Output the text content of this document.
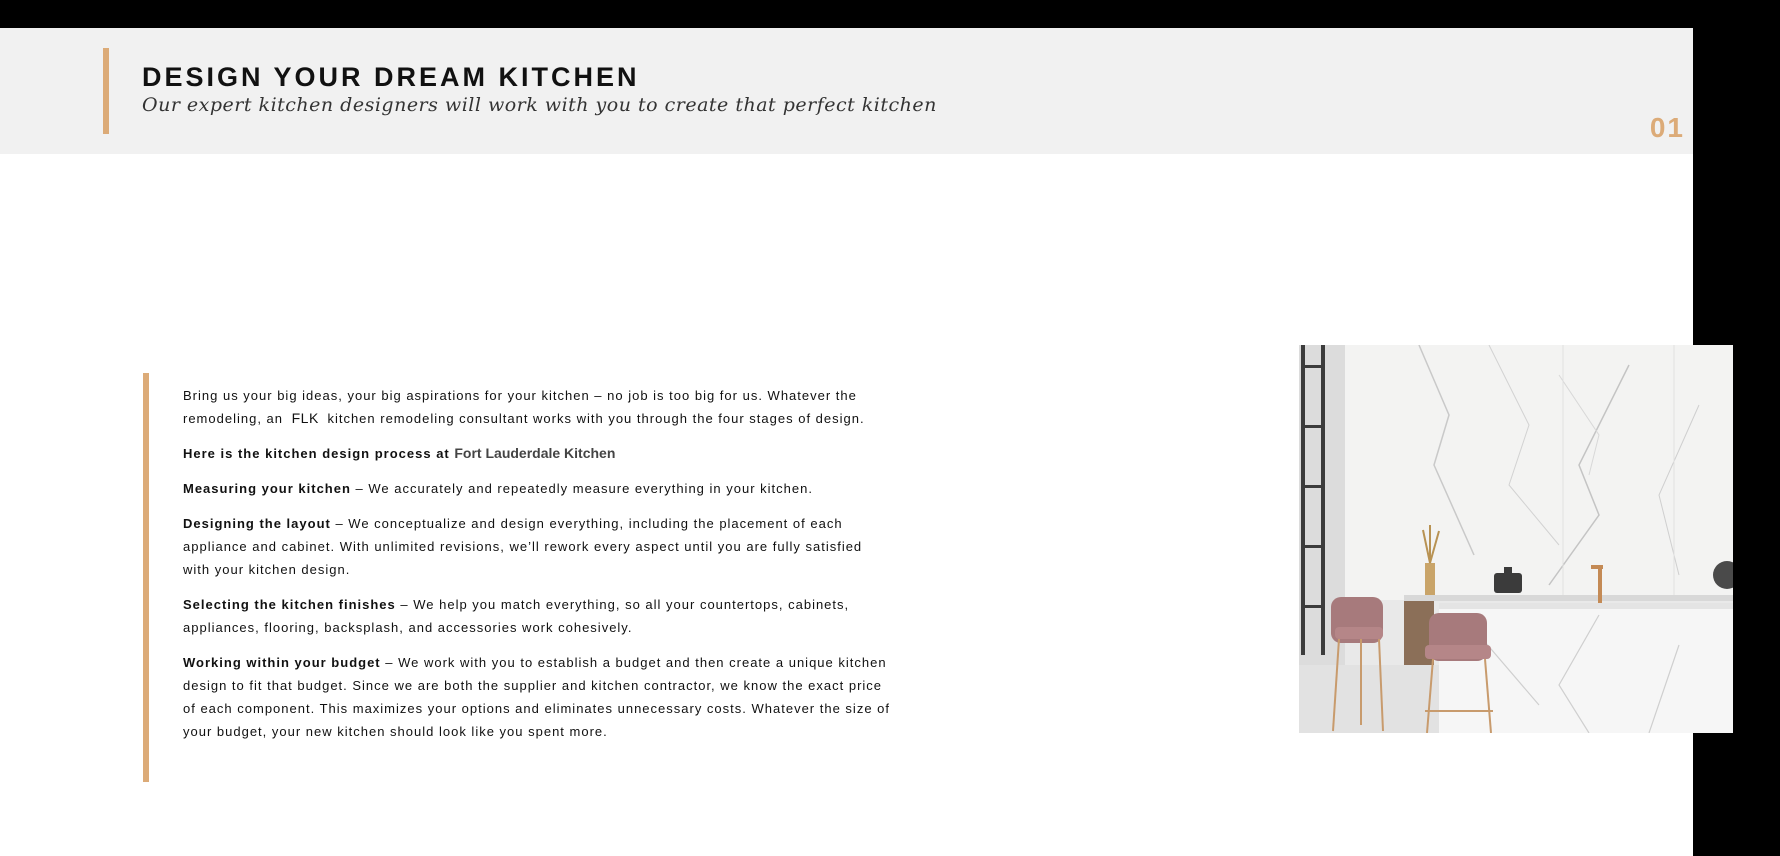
DESIGN YOUR DREAM KITCHEN

Our expert kitchen designers will work with you to create that perfect kitchen

01

Bring us your big ideas, your big aspirations for your kitchen – no job is too big for us. Whatever the remodeling, an FLK kitchen remodeling consultant works with you through the four stages of design.

Here is the kitchen design process at Fort Lauderdale Kitchen

Measuring your kitchen – We accurately and repeatedly measure everything in your kitchen.

Designing the layout – We conceptualize and design everything, including the placement of each appliance and cabinet. With unlimited revisions, we’ll rework every aspect until you are fully satisfied with your kitchen design.

Selecting the kitchen finishes – We help you match everything, so all your countertops, cabinets, appliances, flooring, backsplash, and accessories work cohesively.

Working within your budget – We work with you to establish a budget and then create a unique kitchen design to fit that budget. Since we are both the supplier and kitchen contractor, we know the exact price of each component. This maximizes your options and eliminates unnecessary costs. Whatever the size of your budget, your new kitchen should look like you spent more.
